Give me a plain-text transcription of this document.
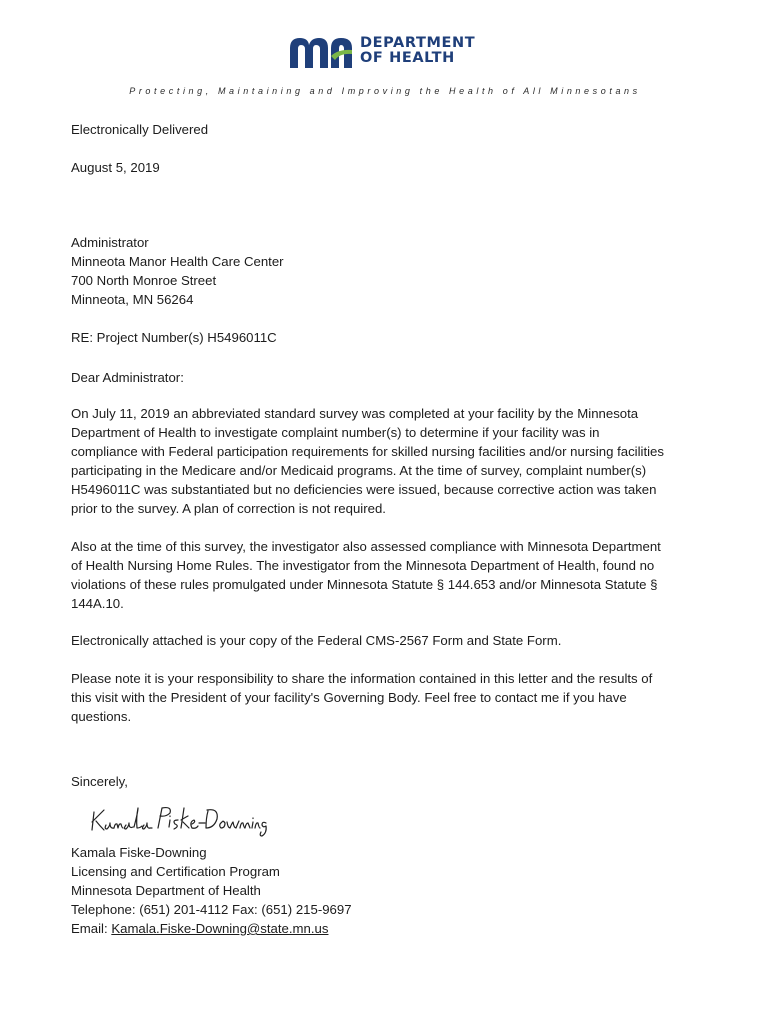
DEPARTMENT
OF HEALTH
Protecting, Maintaining and Improving the Health of All Minnesotans
Electronically Delivered
August 5, 2019
Administrator
Minneota Manor Health Care Center
700 North Monroe Street
Minneota, MN 56264
RE: Project Number(s) H5496011C
Dear Administrator:
On July 11, 2019 an abbreviated standard survey was completed at your facility by the Minnesota
Department of Health to investigate complaint number(s) to determine if your facility was in
compliance with Federal participation requirements for skilled nursing facilities and/or nursing facilities
participating in the Medicare and/or Medicaid programs. At the time of survey, complaint number(s)
H5496011C was substantiated but no deficiencies were issued, because corrective action was taken
prior to the survey. A plan of correction is not required.
Also at the time of this survey, the investigator also assessed compliance with Minnesota Department
of Health Nursing Home Rules. The investigator from the Minnesota Department of Health, found no
violations of these rules promulgated under Minnesota Statute § 144.653 and/or Minnesota Statute §
144A.10.
Electronically attached is your copy of the Federal CMS-2567 Form and State Form.
Please note it is your responsibility to share the information contained in this letter and the results of
this visit with the President of your facility's Governing Body. Feel free to contact me if you have
questions.
Sincerely,
Kamala Fiske-Downing
Licensing and Certification Program
Minnesota Department of Health
Telephone: (651) 201-4112 Fax: (651) 215-9697
Email: Kamala.Fiske-Downing@state.mn.us
